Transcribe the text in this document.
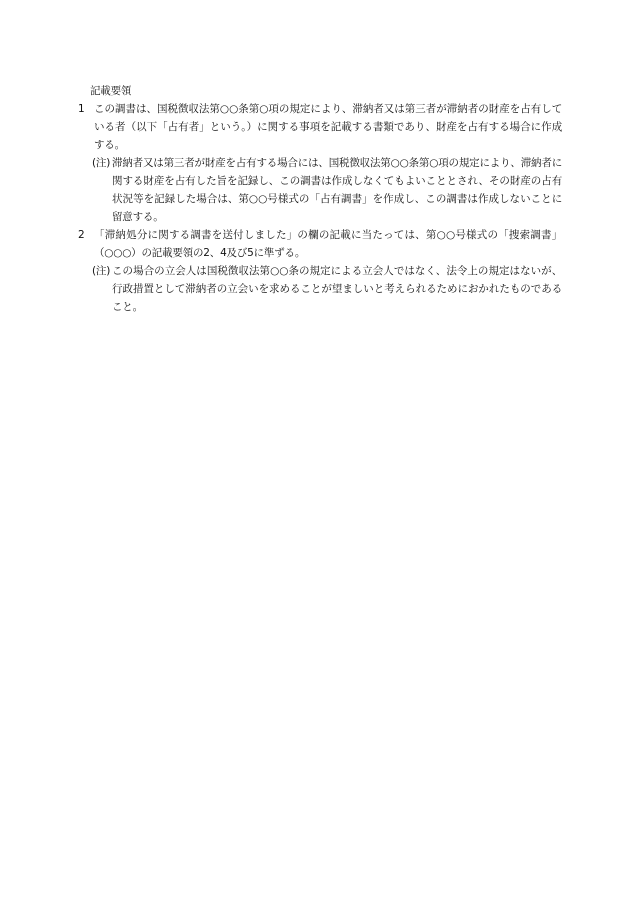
記載要領
1 この調書は、国税徴収法第○○条第○項の規定により、滞納者又は第三者が滞納者の財産を占有している者（以下「占有者」という。）に関する事項を記載する書類であり、財産を占有する場合に作成する。
(注) 滞納者又は第三者が財産を占有する場合には、国税徴収法第○○条第○項の規定により、滞納者に関する財産を占有した旨を記録し、この調書は作成しなくてもよいこととされ、その財産の占有状況等を記録した場合は、第○○号様式の「占有調書」を作成し、この調書は作成しないことに留意する。
2 「滞納処分に関する調書を送付しました」の欄の記載に当たっては、第○○号様式の「捜索調書」（○○○）の記載要領の2、4及び5に準ずる。
(注) この場合の立会人は国税徴収法第○○条の規定による立会人ではなく、法令上の規定はないが、行政措置として滞納者の立会いを求めることが望ましいと考えられるためにおかれたものであること。
